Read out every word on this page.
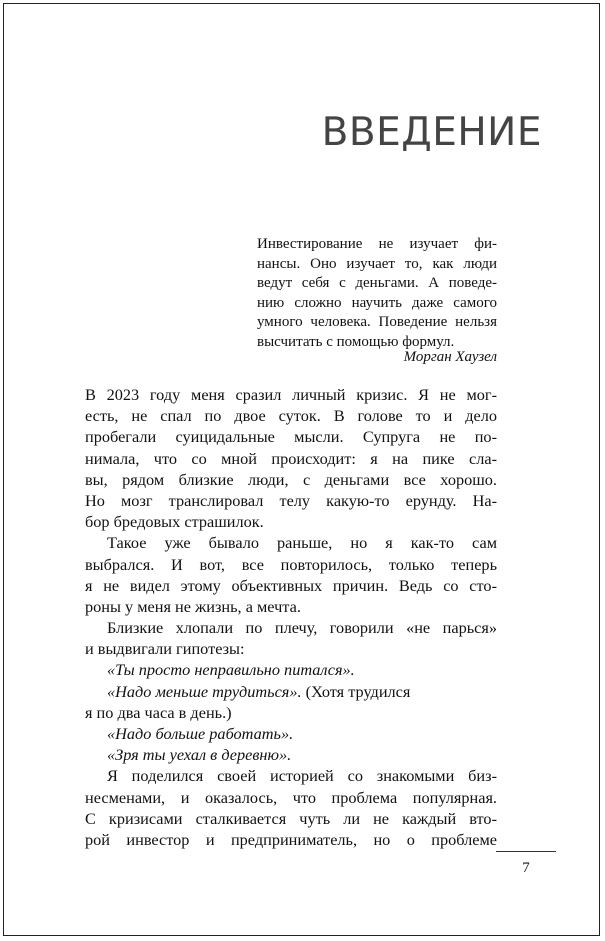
ВВЕДЕНИЕ
Инвестирование не изучает фи-
нансы. Оно изучает то, как люди
ведут себя с деньгами. А поведе-
нию сложно научить даже самого
умного человека. Поведение нельзя
высчитать с помощью формул.
Морган Хаузел
В 2023 году меня сразил личный кризис. Я не мог-
есть, не спал по двое суток. В голове то и дело
пробегали суицидальные мысли. Супруга не по-
нимала, что со мной происходит: я на пике сла-
вы, рядом близкие люди, с деньгами все хорошо.
Но мозг транслировал телу какую-то ерунду. На-
бор бредовых страшилок.
Такое уже бывало раньше, но я как-то сам
выбрался. И вот, все повторилось, только теперь
я не видел этому объективных причин. Ведь со сто-
роны у меня не жизнь, а мечта.
Близкие хлопали по плечу, говорили «не парься»
и выдвигали гипотезы:
«Ты просто неправильно питался».
«Надо меньше трудиться». (Хотя трудился
я по два часа в день.)
«Надо больше работать».
«Зря ты уехал в деревню».
Я поделился своей историей со знакомыми биз-
несменами, и оказалось, что проблема популярная.
С кризисами сталкивается чуть ли не каждый вто-
рой инвестор и предприниматель, но о проблеме
7
